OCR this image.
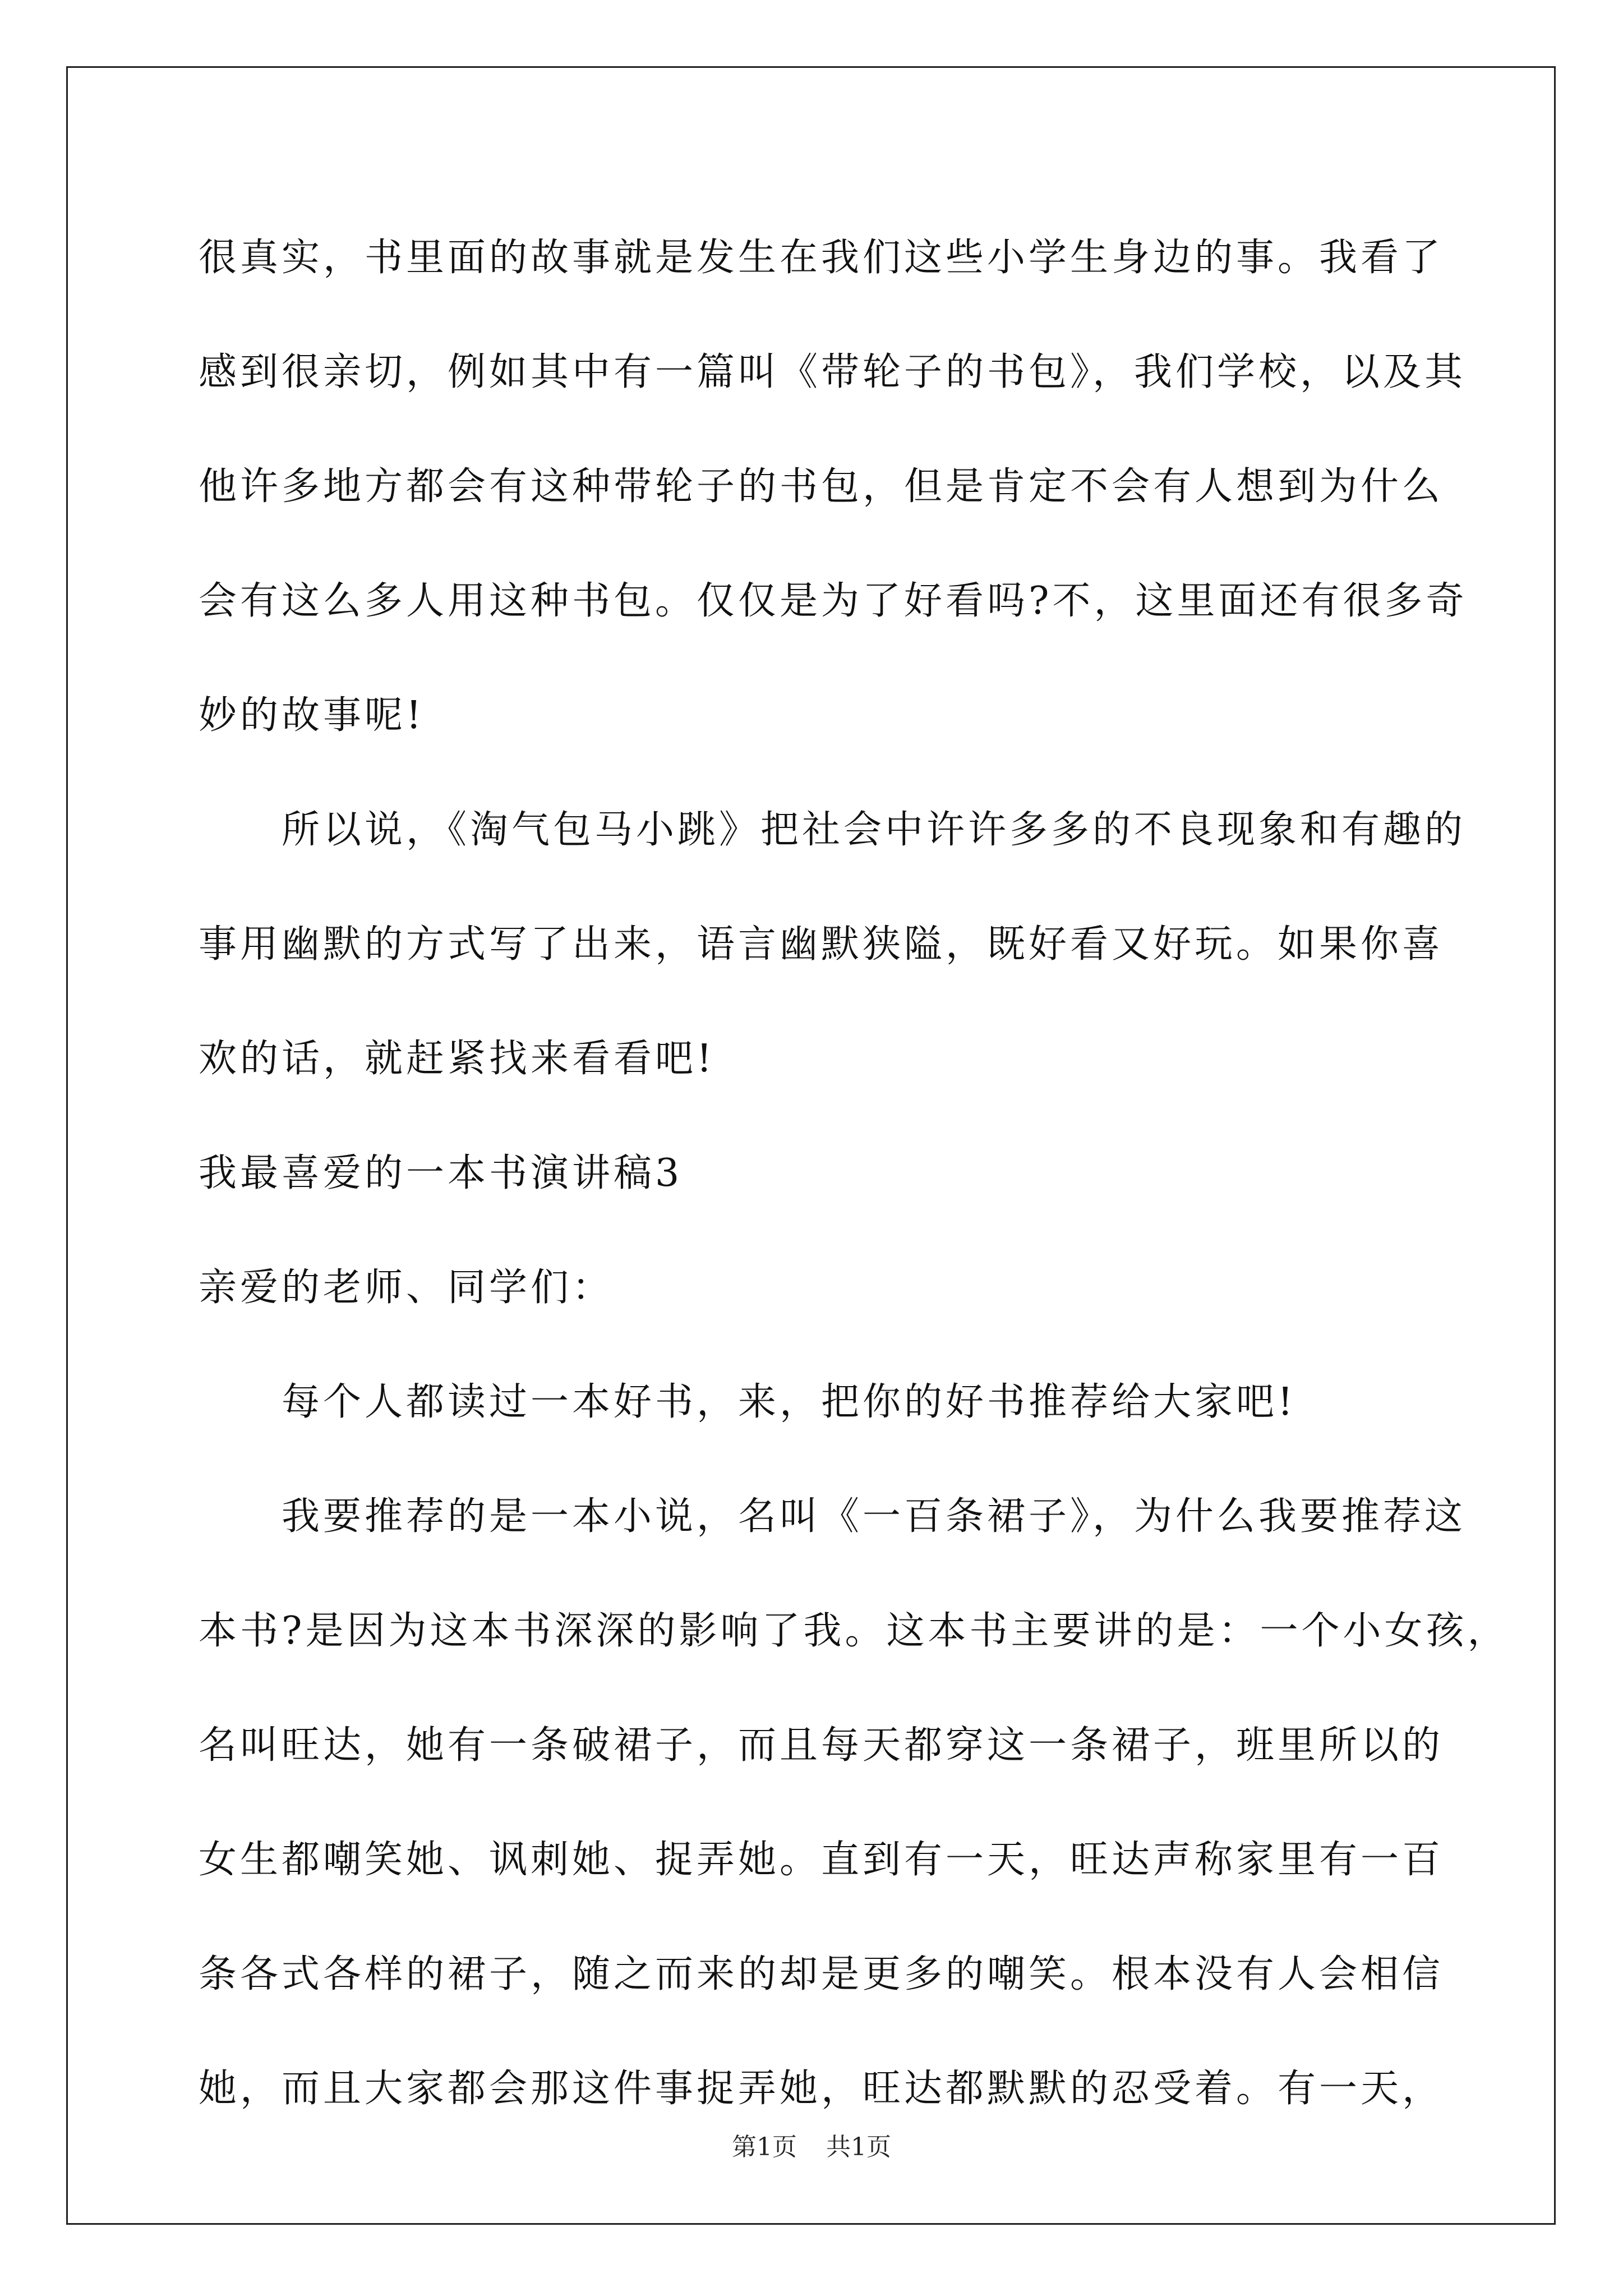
很真实，书里面的故事就是发生在我们这些小学生身边的事。我看了
感到很亲切，例如其中有一篇叫《带轮子的书包》，我们学校，以及其
他许多地方都会有这种带轮子的书包，但是肯定不会有人想到为什么
会有这么多人用这种书包。仅仅是为了好看吗?不，这里面还有很多奇
妙的故事呢!
所以说，《淘气包马小跳》把社会中许许多多的不良现象和有趣的
事用幽默的方式写了出来，语言幽默狭隘，既好看又好玩。如果你喜
欢的话，就赶紧找来看看吧!
我最喜爱的一本书演讲稿3
亲爱的老师、同学们：
每个人都读过一本好书，来，把你的好书推荐给大家吧!
我要推荐的是一本小说，名叫《一百条裙子》，为什么我要推荐这
本书?是因为这本书深深的影响了我。这本书主要讲的是：一个小女孩，
名叫旺达，她有一条破裙子，而且每天都穿这一条裙子，班里所以的
女生都嘲笑她、讽刺她、捉弄她。直到有一天，旺达声称家里有一百
条各式各样的裙子，随之而来的却是更多的嘲笑。根本没有人会相信
她，而且大家都会那这件事捉弄她，旺达都默默的忍受着。有一天，
第1页 共1页
